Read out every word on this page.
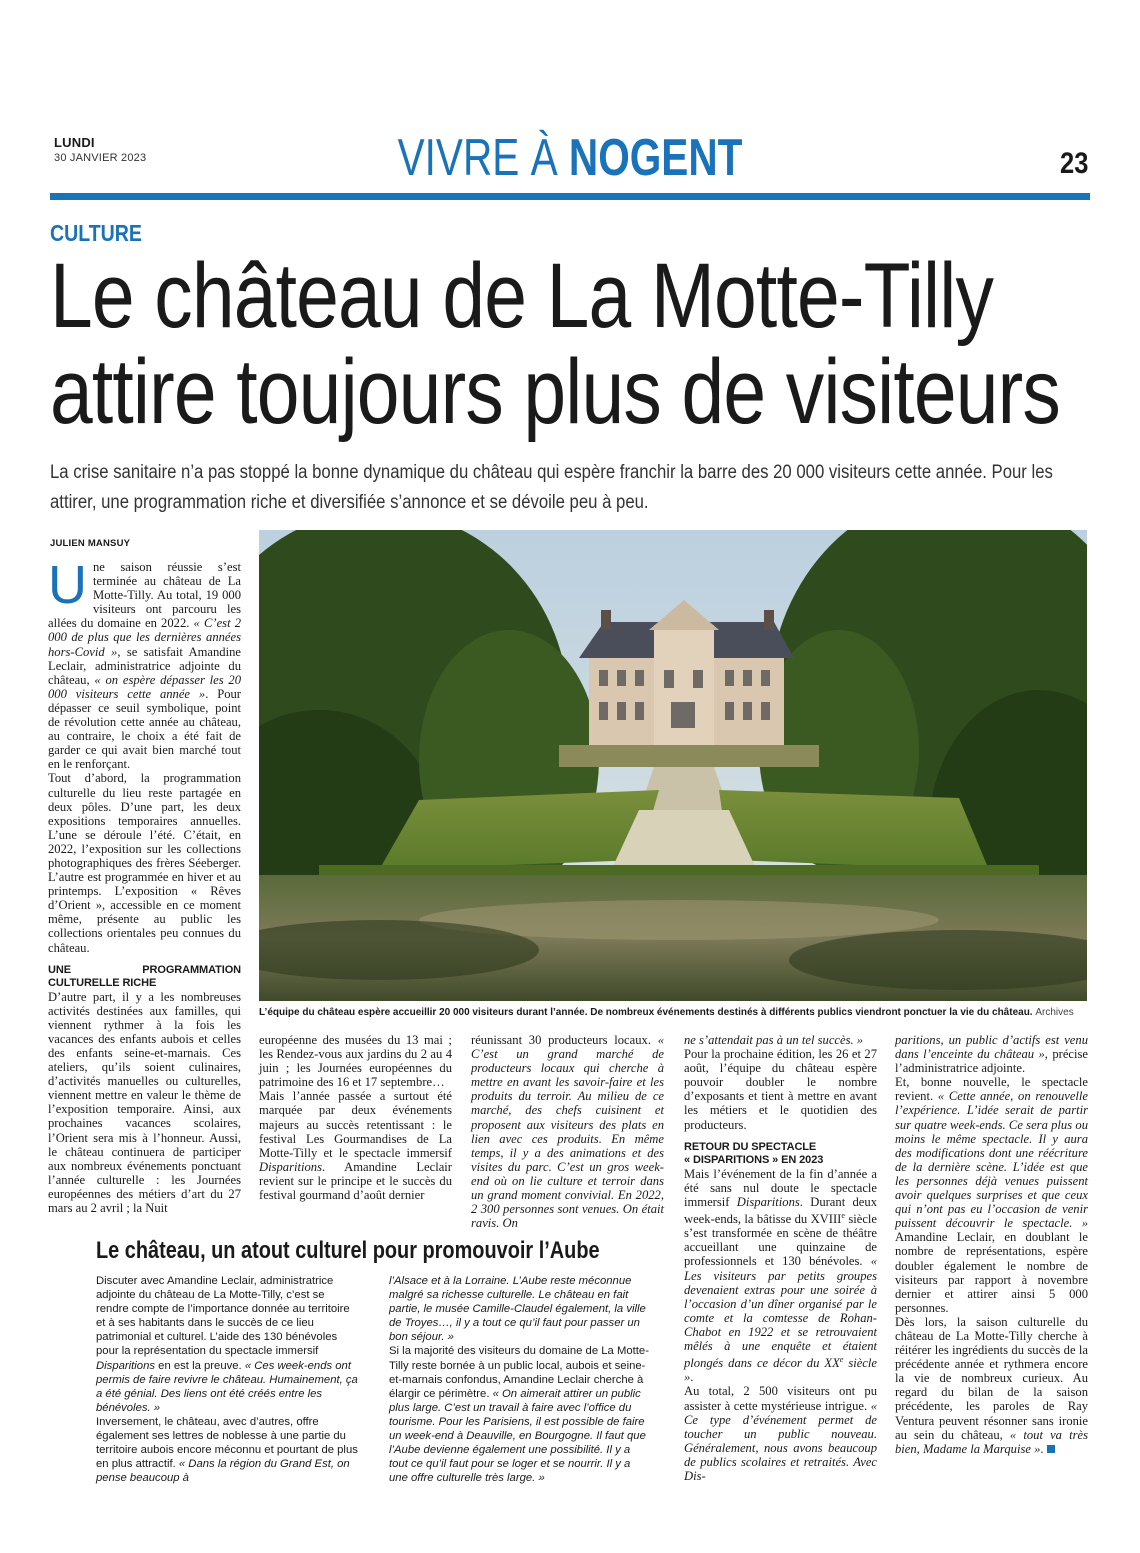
LUNDI
30 JANVIER 2023	VIVRE À NOGENT	23
CULTURE
Le château de La Motte-Tilly
attire toujours plus de visiteurs
La crise sanitaire n’a pas stoppé la bonne dynamique du château qui espère franchir la barre des 20 000 visiteurs cette année. Pour les attirer, une programmation riche et diversifiée s’annonce et se dévoile peu à peu.
JULIEN MANSUY
L’équipe du château espère accueillir 20 000 visiteurs durant l’année. De nombreux événements destinés à différents publics viendront ponctuer la vie du château. Archives

Une saison réussie s’est terminée au château de La Motte-Tilly. Au total, 19 000 visiteurs ont parcouru les allées du domaine en 2022. « C’est 2 000 de plus que les dernières années hors-Covid », se satisfait Amandine Leclair, administratrice adjointe du château, « on espère dépasser les 20 000 visiteurs cette année ». Pour dépasser ce seuil symbolique, point de révolution cette année au château, au contraire, le choix a été fait de garder ce qui avait bien marché tout en le renforçant.

Tout d’abord, la programmation culturelle du lieu reste partagée en deux pôles. D’une part, les deux expositions temporaires annuelles. L’une se déroule l’été. C’était, en 2022, l’exposition sur les collections photographiques des frères Séeberger. L’autre est programmée en hiver et au printemps. L’exposition « Rêves d’Orient », accessible en ce moment même, présente au public les collections orientales peu connues du château.

UNE PROGRAMMATION CULTURELLE RICHE

D’autre part, il y a les nombreuses activités destinées aux familles, qui viennent rythmer à la fois les vacances des enfants aubois et celles des enfants seine-et-marnais. Ces ateliers, qu’ils soient culinaires, d’activités manuelles ou culturelles, viennent mettre en valeur le thème de l’exposition temporaire. Ainsi, aux prochaines vacances scolaires, l’Orient sera mis à l’honneur. Aussi, le château continuera de participer aux nombreux événements ponctuant l’année culturelle : les Journées européennes des métiers d’art du 27 mars au 2 avril ; la Nuit

européenne des musées du 13 mai ; les Rendez-vous aux jardins du 2 au 4 juin ; les Journées européennes du patrimoine des 16 et 17 septembre…

Mais l’année passée a surtout été marquée par deux événements majeurs au succès retentissant : le festival Les Gourmandises de La Motte-Tilly et le spectacle immersif Disparitions. Amandine Leclair revient sur le principe et le succès du festival gourmand d’août dernier

réunissant 30 producteurs locaux. « C’est un grand marché de producteurs locaux qui cherche à mettre en avant les savoir-faire et les produits du terroir. Au milieu de ce marché, des chefs cuisinent et proposent aux visiteurs des plats en lien avec ces produits. En même temps, il y a des animations et des visites du parc. C’est un gros week-end où on lie culture et terroir dans un grand moment convivial. En 2022, 2 300 personnes sont venues. On était ravis. On

ne s’attendait pas à un tel succès. »

Pour la prochaine édition, les 26 et 27 août, l’équipe du château espère pouvoir doubler le nombre d’exposants et tient à mettre en avant les métiers et le quotidien des producteurs.

RETOUR DU SPECTACLE
« DISPARITIONS » EN 2023

Mais l’événement de la fin d’année a été sans nul doute le spectacle immersif Disparitions. Durant deux week-ends, la bâtisse du XVIIIe siècle s’est transformée en scène de théâtre accueillant une quinzaine de professionnels et 130 bénévoles. « Les visiteurs par petits groupes devenaient extras pour une soirée à l’occasion d’un dîner organisé par le comte et la comtesse de Rohan-Chabot en 1922 et se retrouvaient mêlés à une enquête et étaient plongés dans ce décor du XXe siècle ».

Au total, 2 500 visiteurs ont pu assister à cette mystérieuse intrigue. « Ce type d’événement permet de toucher un public nouveau. Généralement, nous avons beaucoup de publics scolaires et retraités. Avec Dis-

paritions, un public d’actifs est venu dans l’enceinte du château », précise l’administratrice adjointe.

Et, bonne nouvelle, le spectacle revient. « Cette année, on renouvelle l’expérience. L’idée serait de partir sur quatre week-ends. Ce sera plus ou moins le même spectacle. Il y aura des modifications dont une réécriture de la dernière scène. L’idée est que les personnes déjà venues puissent avoir quelques surprises et que ceux qui n’ont pas eu l’occasion de venir puissent découvrir le spectacle. » Amandine Leclair, en doublant le nombre de représentations, espère doubler également le nombre de visiteurs par rapport à novembre dernier et attirer ainsi 5 000 personnes.

Dès lors, la saison culturelle du château de La Motte-Tilly cherche à réitérer les ingrédients du succès de la précédente année et rythmera encore la vie de nombreux curieux. Au regard du bilan de la saison précédente, les paroles de Ray Ventura peuvent résonner sans ironie au sein du château, « tout va très bien, Madame la Marquise ».

Le château, un atout culturel pour promouvoir l’Aube

Discuter avec Amandine Leclair, administratrice adjointe du château de La Motte-Tilly, c’est se rendre compte de l’importance donnée au territoire et à ses habitants dans le succès de ce lieu patrimonial et culturel. L’aide des 130 bénévoles pour la représentation du spectacle immersif Disparitions en est la preuve. « Ces week-ends ont permis de faire revivre le château. Humainement, ça a été génial. Des liens ont été créés entre les bénévoles. »

Inversement, le château, avec d’autres, offre également ses lettres de noblesse à une partie du territoire aubois encore méconnu et pourtant de plus en plus attractif. « Dans la région du Grand Est, on pense beaucoup à

l’Alsace et à la Lorraine. L’Aube reste méconnue malgré sa richesse culturelle. Le château en fait partie, le musée Camille-Claudel également, la ville de Troyes…, il y a tout ce qu’il faut pour passer un bon séjour. »

Si la majorité des visiteurs du domaine de La Motte-Tilly reste bornée à un public local, aubois et seine-et-marnais confondus, Amandine Leclair cherche à élargir ce périmètre. « On aimerait attirer un public plus large. C’est un travail à faire avec l’office du tourisme. Pour les Parisiens, il est possible de faire un week-end à Deauville, en Bourgogne. Il faut que l’Aube devienne également une possibilité. Il y a tout ce qu’il faut pour se loger et se nourrir. Il y a une offre culturelle très large. »
